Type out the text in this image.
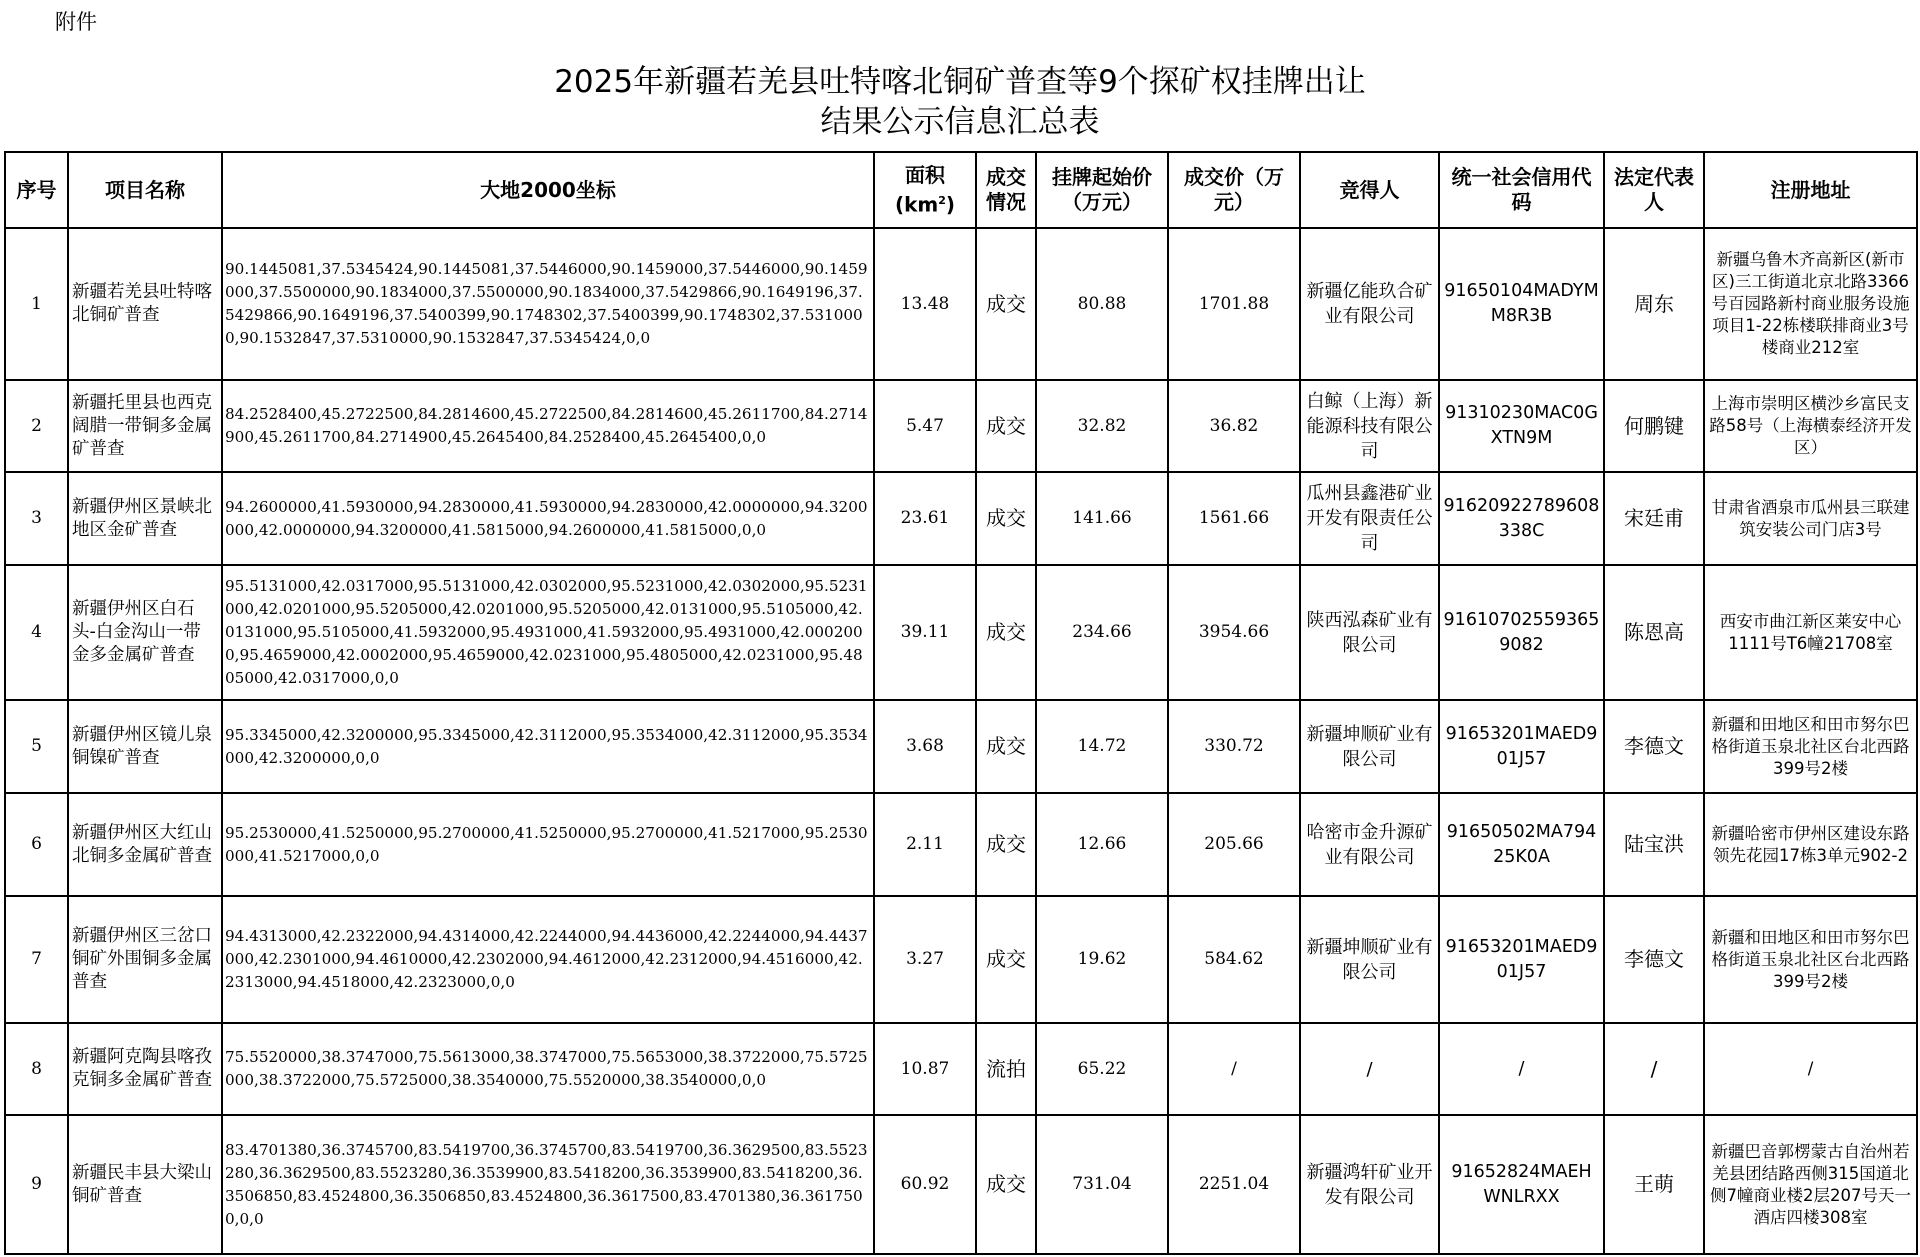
附件
2025年新疆若羌县吐特喀北铜矿普查等9个探矿权挂牌出让
结果公示信息汇总表
序号	项目名称	大地2000坐标	面积$(km^2)$	成交情况	挂牌起始价（万元）	成交价（万元）	竞得人	统一社会信用代码	法定代表人	注册地址
1	新疆若羌县吐特喀北铜矿普查	90.1445081,37.5345424,90.1445081,37.5446000,90.1459000,37.5446000,90.1459000,37.5500000,90.1834000,37.5500000,90.1834000,37.5429866,90.1649196,37.5429866,90.1649196,37.5400399,90.1748302,37.5400399,90.1748302,37.5310000,90.1532847,37.5310000,90.1532847,37.5345424,0,0	13.48	成交	80.88	1701.88	新疆亿能玖合矿业有限公司	91650104MADYMM8R3B	周东	新疆乌鲁木齐高新区(新市区)三工街道北京北路3366号百园路新村商业服务设施项目1-22栋楼联排商业3号楼商业212室
2	新疆托里县也西克阔腊一带铜多金属矿普查	84.2528400,45.2722500,84.2814600,45.2722500,84.2814600,45.2611700,84.2714900,45.2611700,84.2714900,45.2645400,84.2528400,45.2645400,0,0	5.47	成交	32.82	36.82	白鲸（上海）新能源科技有限公司	91310230MAC0GXTN9M	何鹏键	上海市崇明区横沙乡富民支路58号（上海横泰经济开发区）
3	新疆伊州区景峡北地区金矿普查	94.2600000,41.5930000,94.2830000,41.5930000,94.2830000,42.0000000,94.3200000,42.0000000,94.3200000,41.5815000,94.2600000,41.5815000,0,0	23.61	成交	141.66	1561.66	瓜州县鑫港矿业开发有限责任公司	91620922789608338C	宋廷甫	甘肃省酒泉市瓜州县三联建筑安装公司门店3号
4	新疆伊州区白石头-白金沟山一带金多金属矿普查	95.5131000,42.0317000,95.5131000,42.0302000,95.5231000,42.0302000,95.5231000,42.0201000,95.5205000,42.0201000,95.5205000,42.0131000,95.5105000,42.0131000,95.5105000,41.5932000,95.4931000,41.5932000,95.4931000,42.0002000,95.4659000,42.0002000,95.4659000,42.0231000,95.4805000,42.0231000,95.4805000,42.0317000,0,0	39.11	成交	234.66	3954.66	陕西泓森矿业有限公司	916107025593659082	陈恩高	西安市曲江新区莱安中心1111号T6幢21708室
5	新疆伊州区镜儿泉铜镍矿普查	95.3345000,42.3200000,95.3345000,42.3112000,95.3534000,42.3112000,95.3534000,42.3200000,0,0	3.68	成交	14.72	330.72	新疆坤顺矿业有限公司	91653201MAED901J57	李德文	新疆和田地区和田市努尔巴格街道玉泉北社区台北西路399号2楼
6	新疆伊州区大红山北铜多金属矿普查	95.2530000,41.5250000,95.2700000,41.5250000,95.2700000,41.5217000,95.2530000,41.5217000,0,0	2.11	成交	12.66	205.66	哈密市金升源矿业有限公司	91650502MA79425K0A	陆宝洪	新疆哈密市伊州区建设东路领先花园17栋3单元902-2
7	新疆伊州区三岔口铜矿外围铜多金属普查	94.4313000,42.2322000,94.4314000,42.2244000,94.4436000,42.2244000,94.4437000,42.2301000,94.4610000,42.2302000,94.4612000,42.2312000,94.4516000,42.2313000,94.4518000,42.2323000,0,0	3.27	成交	19.62	584.62	新疆坤顺矿业有限公司	91653201MAED901J57	李德文	新疆和田地区和田市努尔巴格街道玉泉北社区台北西路399号2楼
8	新疆阿克陶县喀孜克铜多金属矿普查	75.5520000,38.3747000,75.5613000,38.3747000,75.5653000,38.3722000,75.5725000,38.3722000,75.5725000,38.3540000,75.5520000,38.3540000,0,0	10.87	流拍	65.22	/	/	/	/	/
9	新疆民丰县大梁山铜矿普查	83.4701380,36.3745700,83.5419700,36.3745700,83.5419700,36.3629500,83.5523280,36.3629500,83.5523280,36.3539900,83.5418200,36.3539900,83.5418200,36.3506850,83.4524800,36.3506850,83.4524800,36.3617500,83.4701380,36.3617500,0,0	60.92	成交	731.04	2251.04	新疆鸿轩矿业开发有限公司	91652824MAEHWNLRXX	王萌	新疆巴音郭楞蒙古自治州若羌县团结路西侧315国道北侧7幢商业楼2层207号天一酒店四楼308室
